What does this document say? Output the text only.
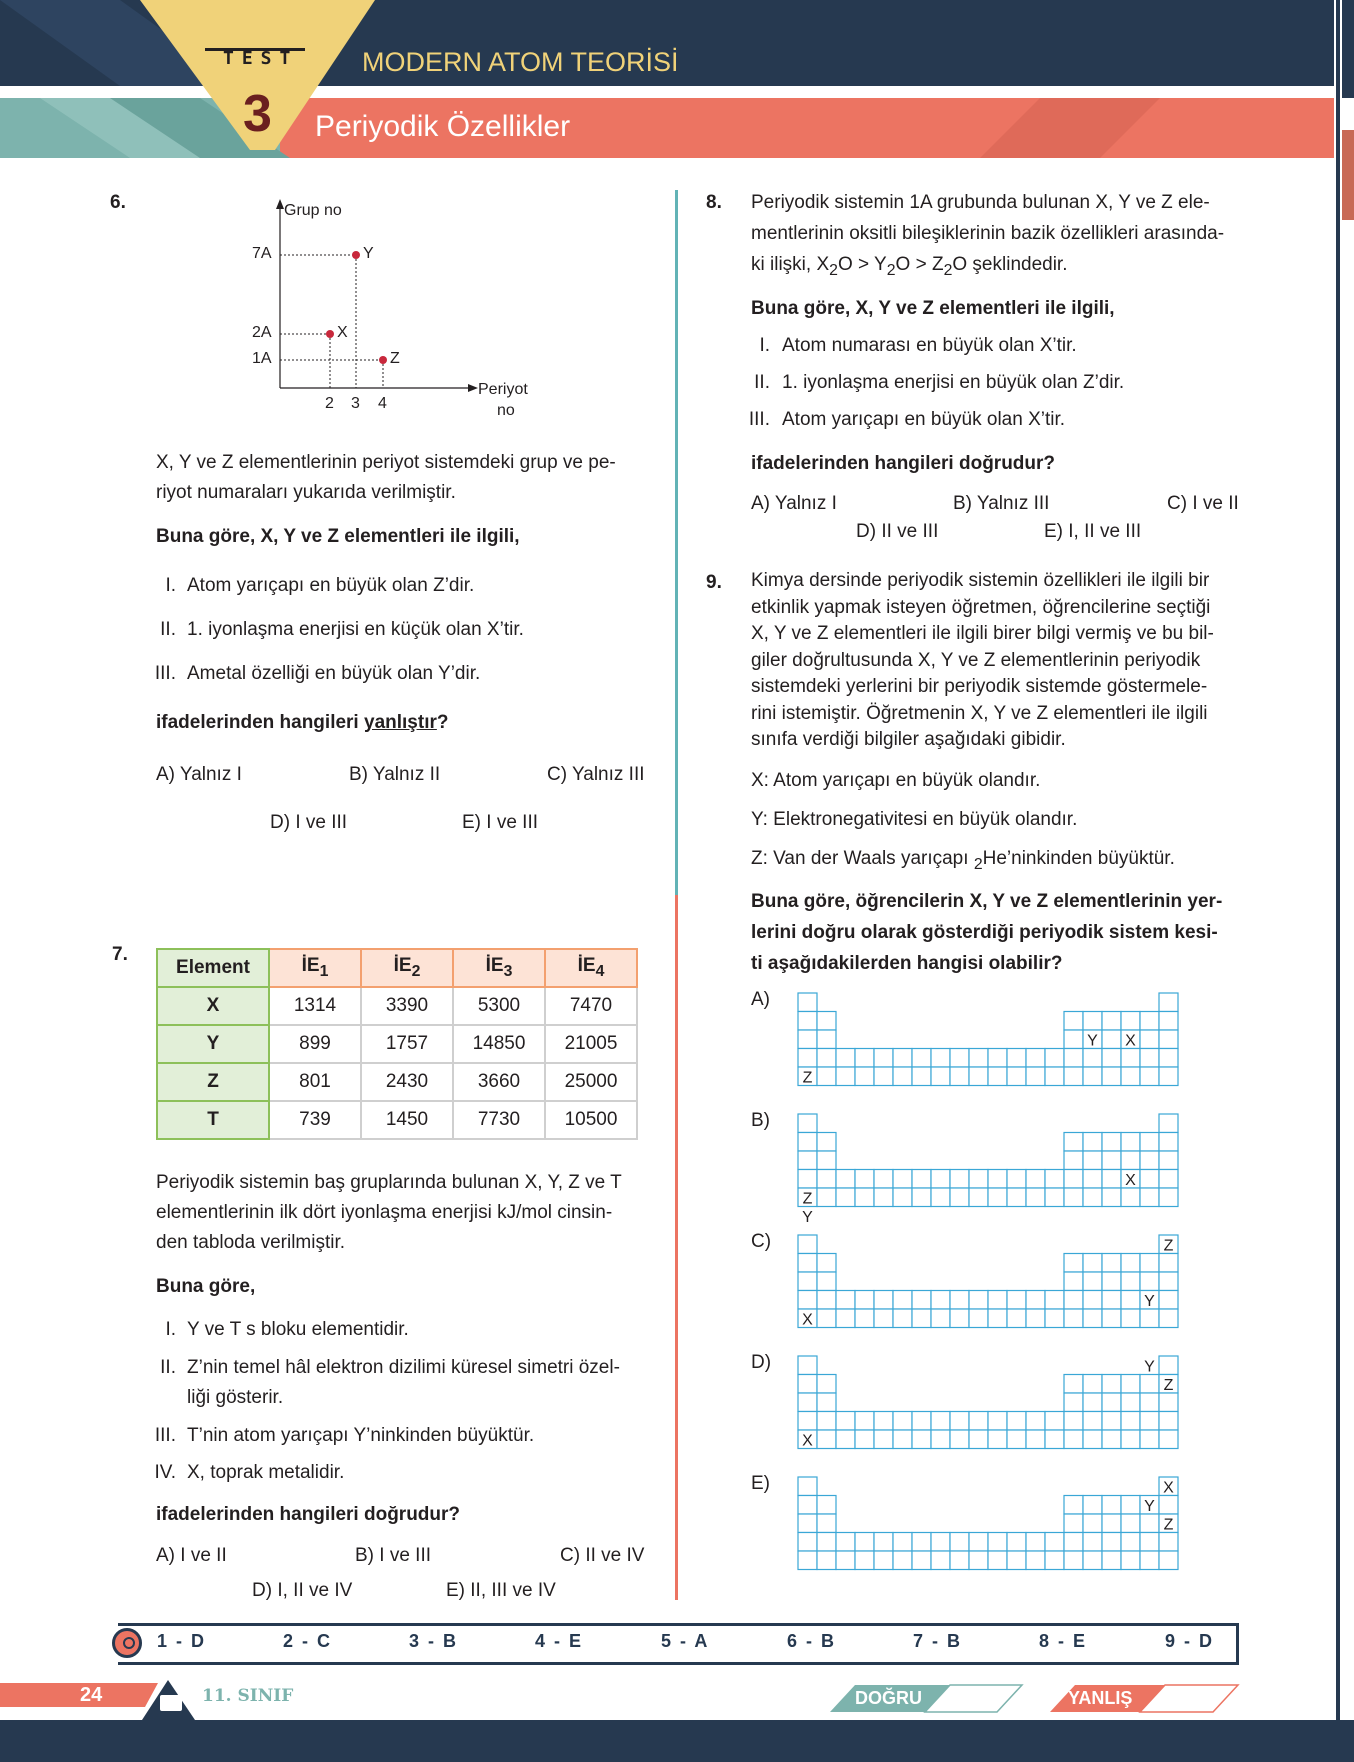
TEST
3
MODERN ATOM TEORİSİ
Periyodik Özellikler
6.	Grup no
7A
2A
1A
2 3 4
Y
X
Z
Periyot
no
X, Y ve Z elementlerinin periyot sistemdeki grup ve pe-
riyot numaraları yukarıda verilmiştir.
Buna göre, X, Y ve Z elementleri ile ilgili,
I. Atom yarıçapı en büyük olan Z’dir.
II. 1. iyonlaşma enerjisi en küçük olan X’tir.
III. Ametal özelliği en büyük olan Y’dir.
ifadelerinden hangileri yanlıştır?
A) Yalnız I	B) Yalnız II	C) Yalnız III
D) I ve III	E) I ve III
7.
Element	$İE_1$	$İE_2$	$İE_3$	$İE_4$
X	1314	3390	5300	7470
Y	899	1757	14850	21005
Z	801	2430	3660	25000
T	739	1450	7730	10500
Periyodik sistemin baş gruplarında bulunan X, Y, Z ve T
elementlerinin ilk dört iyonlaşma enerjisi kJ/mol cinsin-
den tabloda verilmiştir.
Buna göre,
I. Y ve T s bloku elementidir.
II. Z’nin temel hâl elektron dizilimi küresel simetri özel-
liği gösterir.
III. T’nin atom yarıçapı Y’ninkinden büyüktür.
IV. X, toprak metalidir.
ifadelerinden hangileri doğrudur?
A) I ve II	B) I ve III	C) II ve IV
D) I, II ve IV	E) II, III ve IV
8. Periyodik sistemin 1A grubunda bulunan X, Y ve Z ele-
mentlerinin oksitli bileşiklerinin bazik özellikleri arasında-
ki ilişki, $X_2O > Y_2O > Z_2O$ şeklindedir.
Buna göre, X, Y ve Z elementleri ile ilgili,
I. Atom numarası en büyük olan X’tir.
II. 1. iyonlaşma enerjisi en büyük olan Z’dir.
III. Atom yarıçapı en büyük olan X’tir.
ifadelerinden hangileri doğrudur?
A) Yalnız I	B) Yalnız III	C) I ve II
D) II ve III	E) I, II ve III
9. Kimya dersinde periyodik sistemin özellikleri ile ilgili bir
etkinlik yapmak isteyen öğretmen, öğrencilerine seçtiği
X, Y ve Z elementleri ile ilgili birer bilgi vermiş ve bu bil-
giler doğrultusunda X, Y ve Z elementlerinin periyodik
sistemdeki yerlerini bir periyodik sistemde göstermele-
rini istemiştir. Öğretmenin X, Y ve Z elementleri ile ilgili
sınıfa verdiği bilgiler aşağıdaki gibidir.
X: Atom yarıçapı en büyük olandır.
Y: Elektronegativitesi en büyük olandır.
Z: Van der Waals yarıçapı $_2$He’ninkinden büyüktür.
Buna göre, öğrencilerin X, Y ve Z elementlerinin yer-
lerini doğru olarak gösterdiği periyodik sistem kesi-
ti aşağıdakilerden hangisi olabilir?
A)
B)
C)
D)
E)
Z
Y X
Z
Y
X
Z
Y
X
Y
Z
X
X
Y
Z
1 - D	2 - C	3 - B	4 - E	5 - A	6 - B	7 - B	8 - E	9 - D
24	11. SINIF	DOĞRU	YANLIŞ
